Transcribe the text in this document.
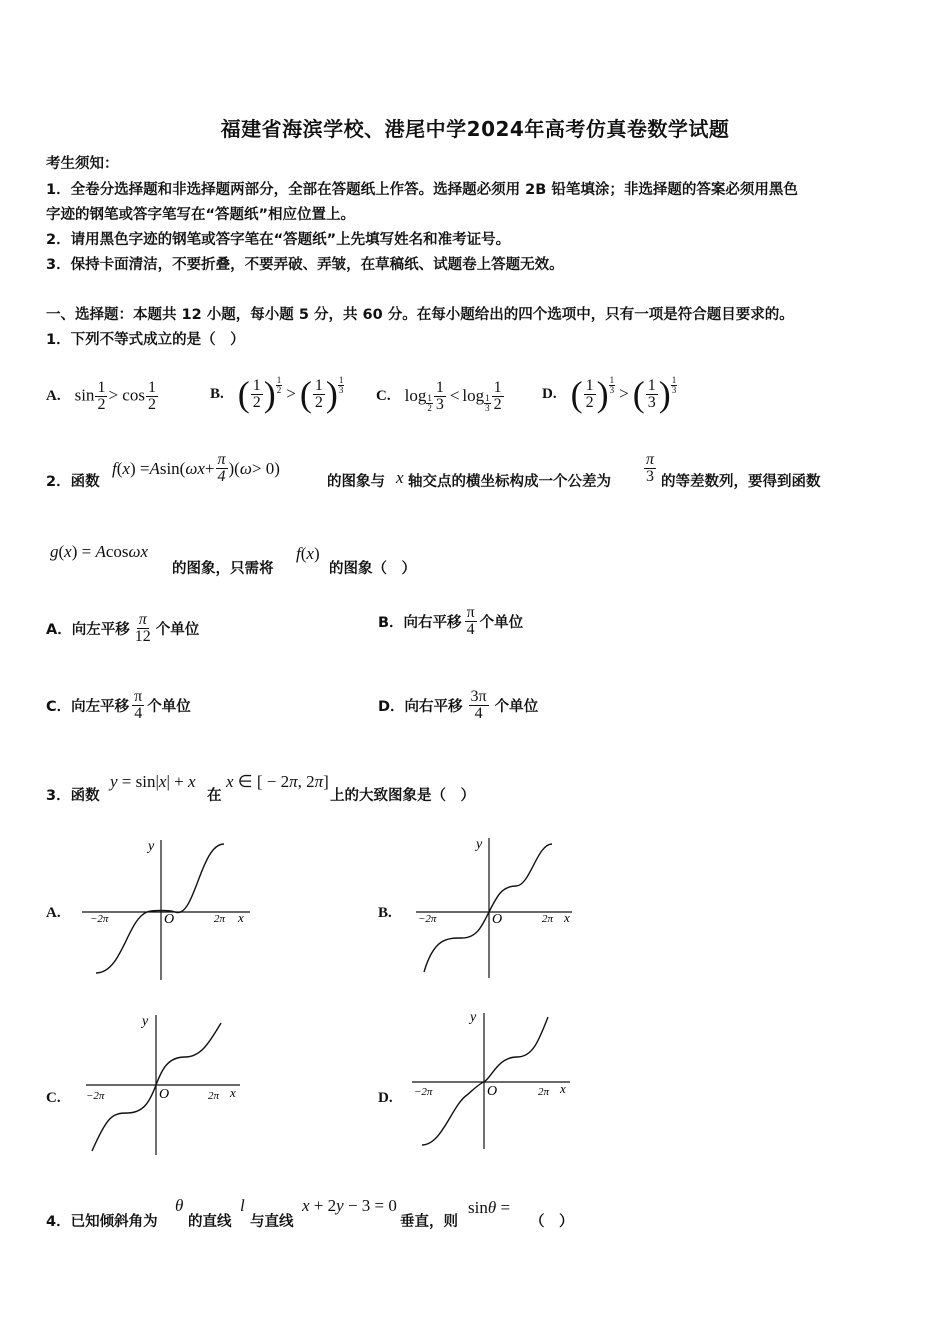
福建省海滨学校、港尾中学2024年高考仿真卷数学试题
考生须知：
1．全卷分选择题和非选择题两部分，全部在答题纸上作答。选择题必须用 2B 铅笔填涂；非选择题的答案必须用黑色
字迹的钢笔或答字笔写在“答题纸”相应位置上。
2．请用黑色字迹的钢笔或答字笔在“答题纸”上先填写姓名和准考证号。
3．保持卡面清洁，不要折叠，不要弄破、弄皱，在草稿纸、试题卷上答题无效。
一、选择题：本题共 12 小题，每小题 5 分，共 60 分。在每小题给出的四个选项中，只有一项是符合题目要求的。
1．下列不等式成立的是（　）
A. $\sin \frac{1}{2} > \cos \frac{1}{2}$	B. ( $\frac{1}{2}$ ) $\frac{1}{2}$ > ( $\frac{1}{2}$ ) $\frac{1}{3}$
C. $\log \frac{1}{2} \frac{1}{3} < \log \frac{1}{3} \frac{1}{2}$	D. ( $\frac{1}{2}$ ) $\frac{1}{3}$ > ( $\frac{1}{3}$ ) $\frac{1}{3}$
2．函数
f ( x ) = A sin( $\omega x + \frac{\pi}{4}$ )( ω > 0)
的图象与 x 轴交点的横坐标构成一个公差为 $\frac{\pi}{3}$ 的等差数列，要得到函数
g(x) = Acosωx
的图象，只需将
f(x)
的图象（　）
A．向左平移 $\frac{\pi}{12}$ 个单位	B．向右平移 $\frac{\pi}{4}$ 个单位
C．向左平移 $\frac{\pi}{4}$ 个单位	D．向右平移 $\frac{3\pi}{4}$ 个单位
3．函数
y = sin|x| + x
在
x ∈ [ − 2π, 2π]
上的大致图象是（　）
A.
y
x
O
−2π	2π	B.
y
x
O
−2π	2π
C.
y
x
O
−2π	2π	D.
y
x
O
−2π	2π
4．已知倾斜角为
θ
的直线
l
与直线
x + 2y − 3 = 0
垂直，则
sinθ =
（　）
